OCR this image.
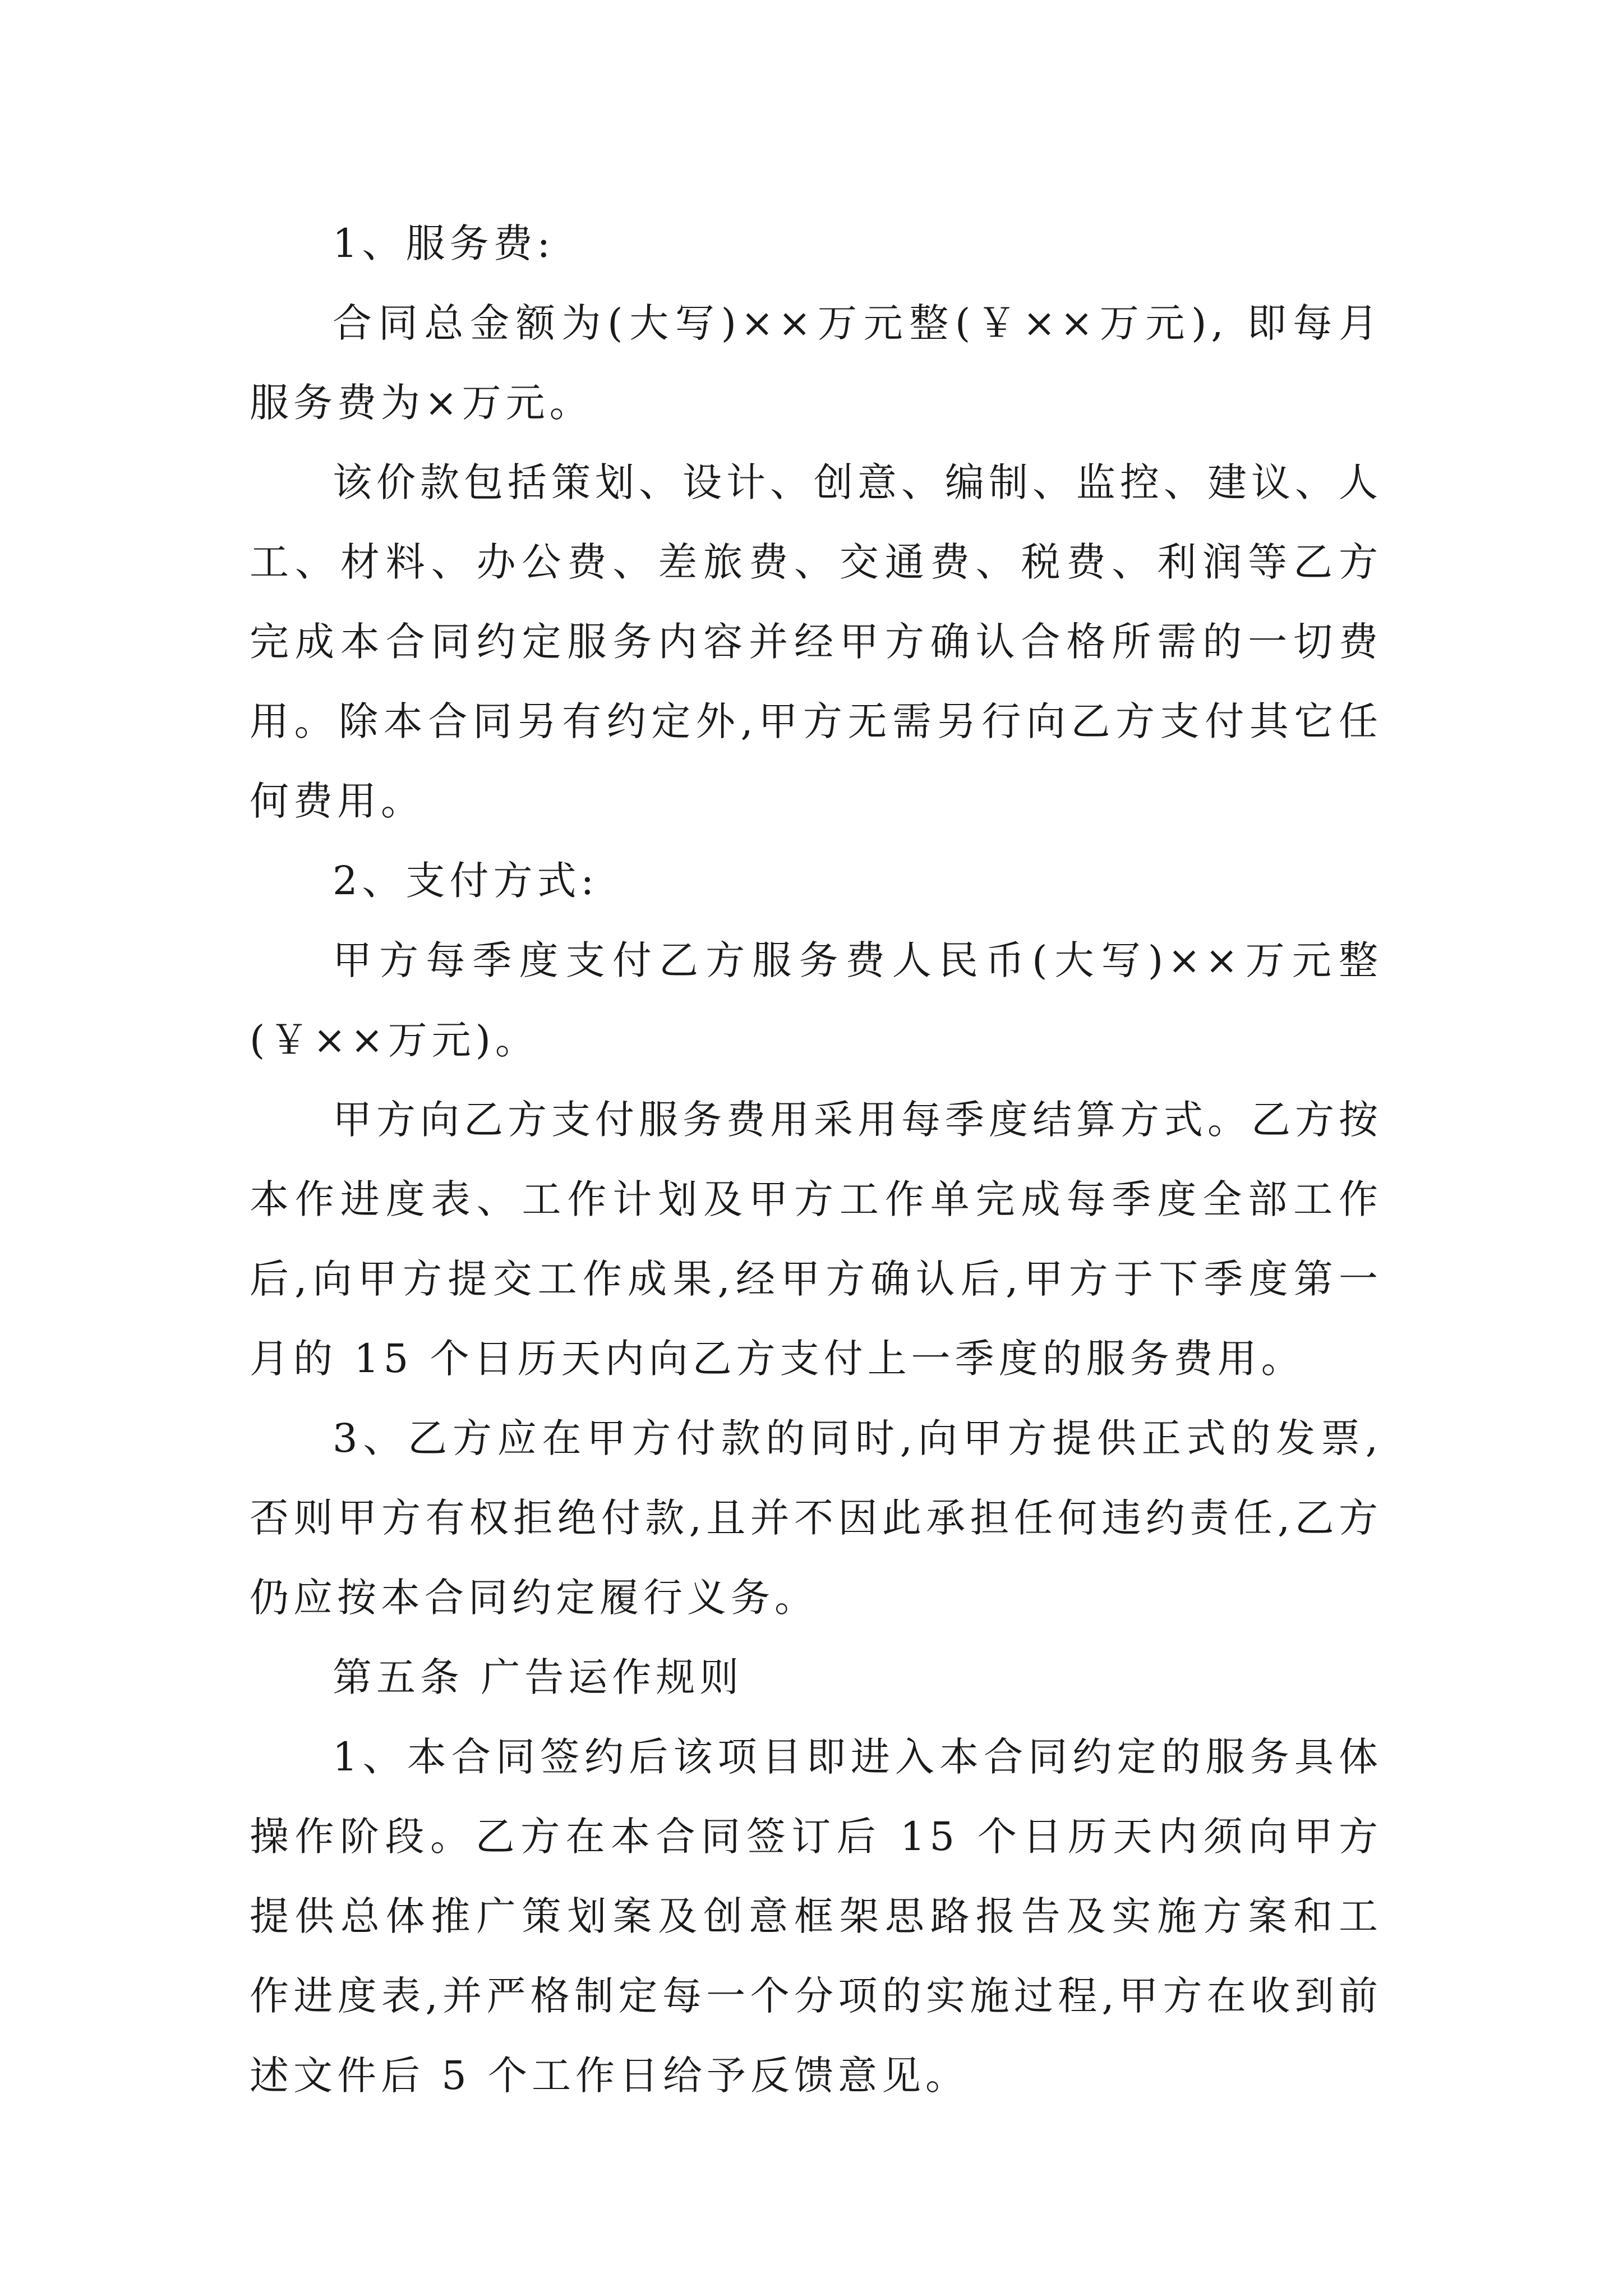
1、服务费:

合同总金额为(大写)××万元整(￥××万元), 即每月服务费为×万元。

该价款包括策划、设计、创意、编制、监控、建议、人工、材料、办公费、差旅费、交通费、税费、利润等乙方完成本合同约定服务内容并经甲方确认合格所需的一切费用。除本合同另有约定外,甲方无需另行向乙方支付其它任何费用。

2、支付方式:

甲方每季度支付乙方服务费人民币(大写)××万元整(￥××万元)。

甲方向乙方支付服务费用采用每季度结算方式。乙方按本作进度表、工作计划及甲方工作单完成每季度全部工作后,向甲方提交工作成果,经甲方确认后,甲方于下季度第一月的 15 个日历天内向乙方支付上一季度的服务费用。

3、乙方应在甲方付款的同时,向甲方提供正式的发票,否则甲方有权拒绝付款,且并不因此承担任何违约责任,乙方仍应按本合同约定履行义务。

第五条 广告运作规则

1、本合同签约后该项目即进入本合同约定的服务具体操作阶段。乙方在本合同签订后 15 个日历天内须向甲方提供总体推广策划案及创意框架思路报告及实施方案和工作进度表,并严格制定每一个分项的实施过程,甲方在收到前述文件后 5 个工作日给予反馈意见。
